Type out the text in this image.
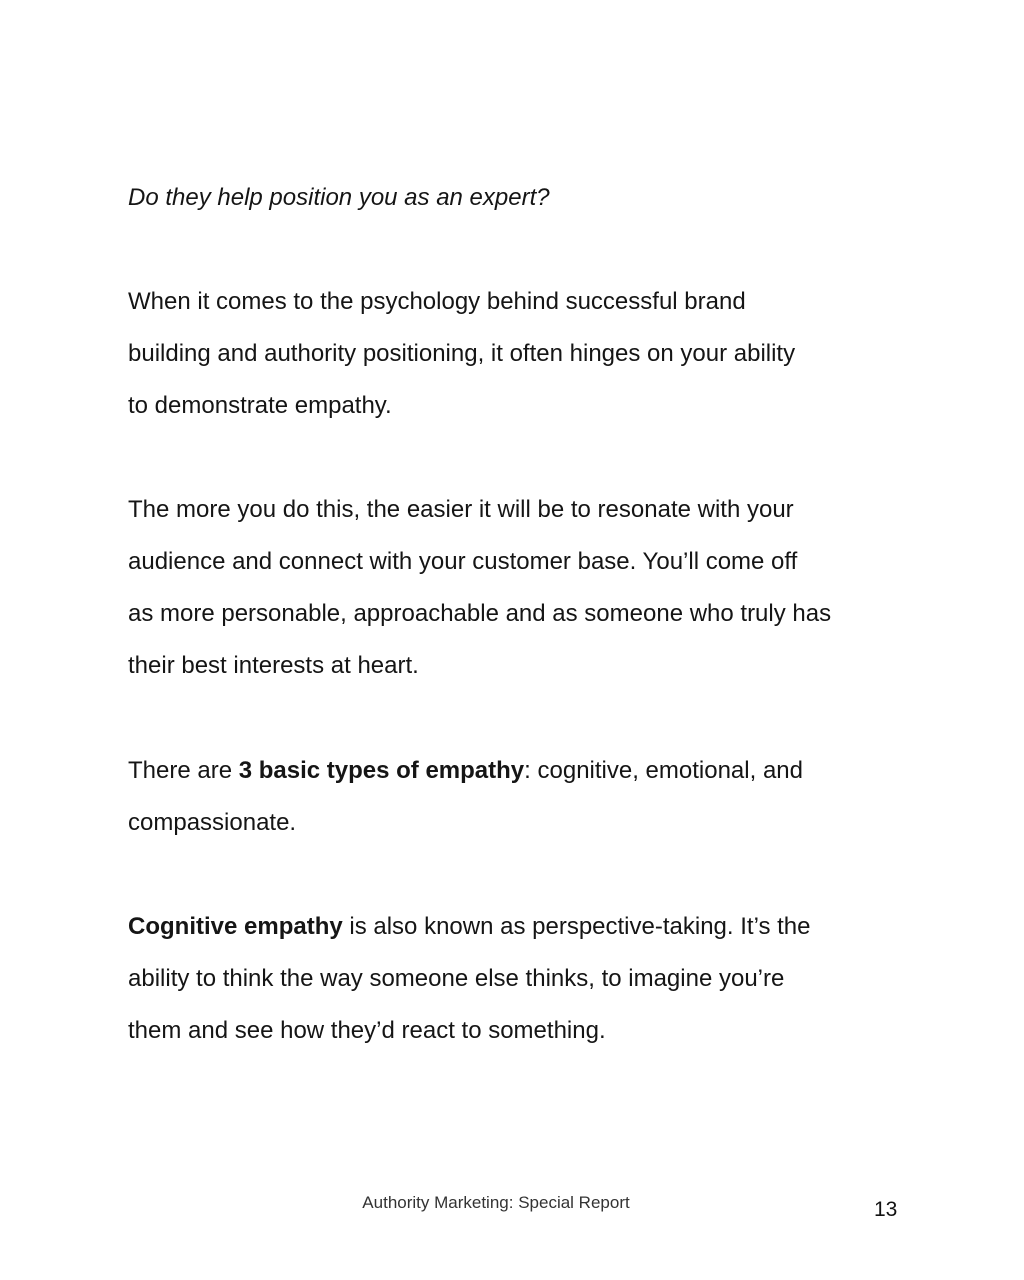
Do they help position you as an expert?

When it comes to the psychology behind successful brand
building and authority positioning, it often hinges on your ability
to demonstrate empathy.

The more you do this, the easier it will be to resonate with your
audience and connect with your customer base. You’ll come off
as more personable, approachable and as someone who truly has
their best interests at heart.

There are 3 basic types of empathy: cognitive, emotional, and
compassionate.

Cognitive empathy is also known as perspective-taking. It’s the
ability to think the way someone else thinks, to imagine you’re
them and see how they’d react to something.

Authority Marketing: Special Report	13
